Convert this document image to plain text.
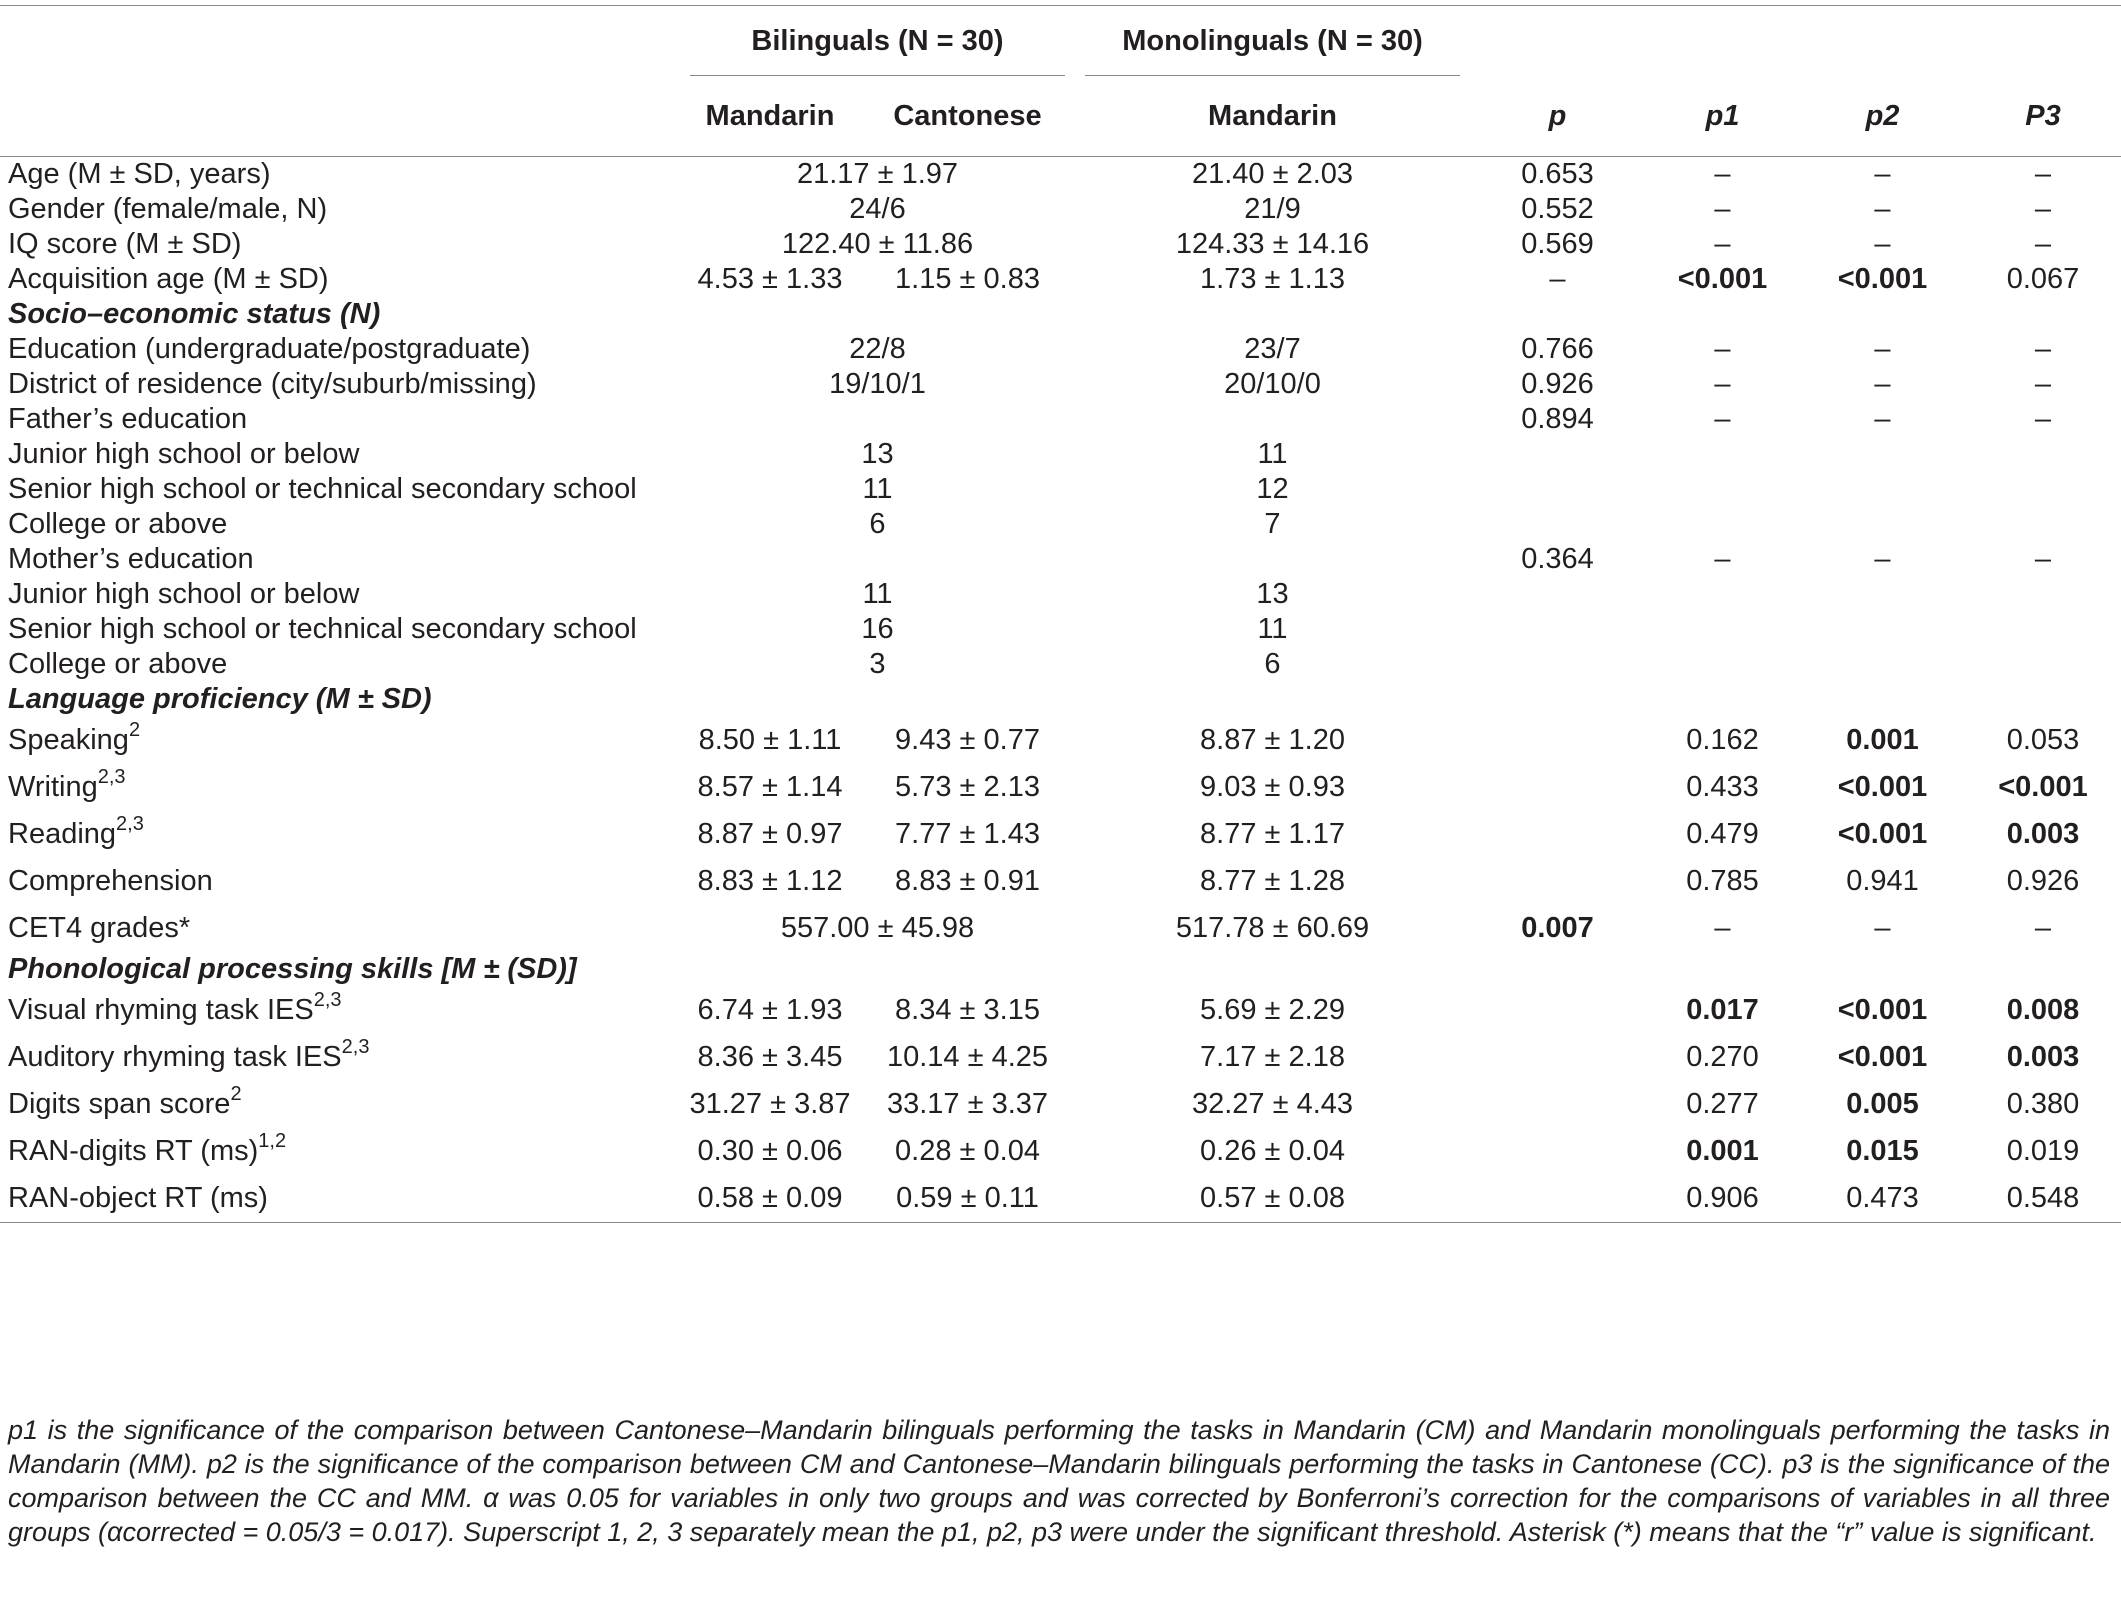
	Bilinguals (N = 30)		Monolinguals (N = 30)				
	Mandarin	Cantonese	Mandarin	p	p1	p2	P3
Age (M ± SD, years)	21.17 ± 1.97		21.40 ± 2.03	0.653	–	–	–
Gender (female/male, N)	24/6		21/9	0.552	–	–	–
IQ score (M ± SD)	122.40 ± 11.86		124.33 ± 14.16	0.569	–	–	–
Acquisition age (M ± SD)	4.53 ± 1.33	1.15 ± 0.83	1.73 ± 1.13	–	<0.001	<0.001	0.067
Socio–economic status (N)							
Education (undergraduate/postgraduate)	22/8		23/7	0.766	–	–	–
District of residence (city/suburb/missing)	19/10/1		20/10/0	0.926	–	–	–
Father’s education				0.894	–	–	–
Junior high school or below	13		11				
Senior high school or technical secondary school	11		12				
College or above	6		7				
Mother’s education				0.364	–	–	–
Junior high school or below	11		13				
Senior high school or technical secondary school	16		11				
College or above	3		6				
Language proficiency (M ± SD)							
Speaking$^2$	8.50 ± 1.11	9.43 ± 0.77	8.87 ± 1.20		0.162	0.001	0.053
Writing$^{2,3}$	8.57 ± 1.14	5.73 ± 2.13	9.03 ± 0.93		0.433	<0.001	<0.001
Reading$^{2,3}$	8.87 ± 0.97	7.77 ± 1.43	8.77 ± 1.17		0.479	<0.001	0.003
Comprehension	8.83 ± 1.12	8.83 ± 0.91	8.77 ± 1.28		0.785	0.941	0.926
CET4 grades*	557.00 ± 45.98		517.78 ± 60.69	0.007	–	–	–
Phonological processing skills [M ± (SD)]							
Visual rhyming task IES$^{2,3}$	6.74 ± 1.93	8.34 ± 3.15	5.69 ± 2.29		0.017	<0.001	0.008
Auditory rhyming task IES$^{2,3}$	8.36 ± 3.45	10.14 ± 4.25	7.17 ± 2.18		0.270	<0.001	0.003
Digits span score$^2$	31.27 ± 3.87	33.17 ± 3.37	32.27 ± 4.43		0.277	0.005	0.380
RAN-digits RT (ms)$^{1,2}$	0.30 ± 0.06	0.28 ± 0.04	0.26 ± 0.04		0.001	0.015	0.019
RAN-object RT (ms)	0.58 ± 0.09	0.59 ± 0.11	0.57 ± 0.08		0.906	0.473	0.548
p1 is the significance of the comparison between Cantonese–Mandarin bilinguals performing the tasks in Mandarin (CM) and Mandarin monolinguals performing the tasks in Mandarin (MM). p2 is the significance of the comparison between CM and Cantonese–Mandarin bilinguals performing the tasks in Cantonese (CC). p3 is the significance of the comparison between the CC and MM. α was 0.05 for variables in only two groups and was corrected by Bonferroni’s correction for the comparisons of variables in all three groups (αcorrected = 0.05/3 = 0.017). Superscript 1, 2, 3 separately mean the p1, p2, p3 were under the significant threshold. Asterisk (*) means that the “r” value is significant.
